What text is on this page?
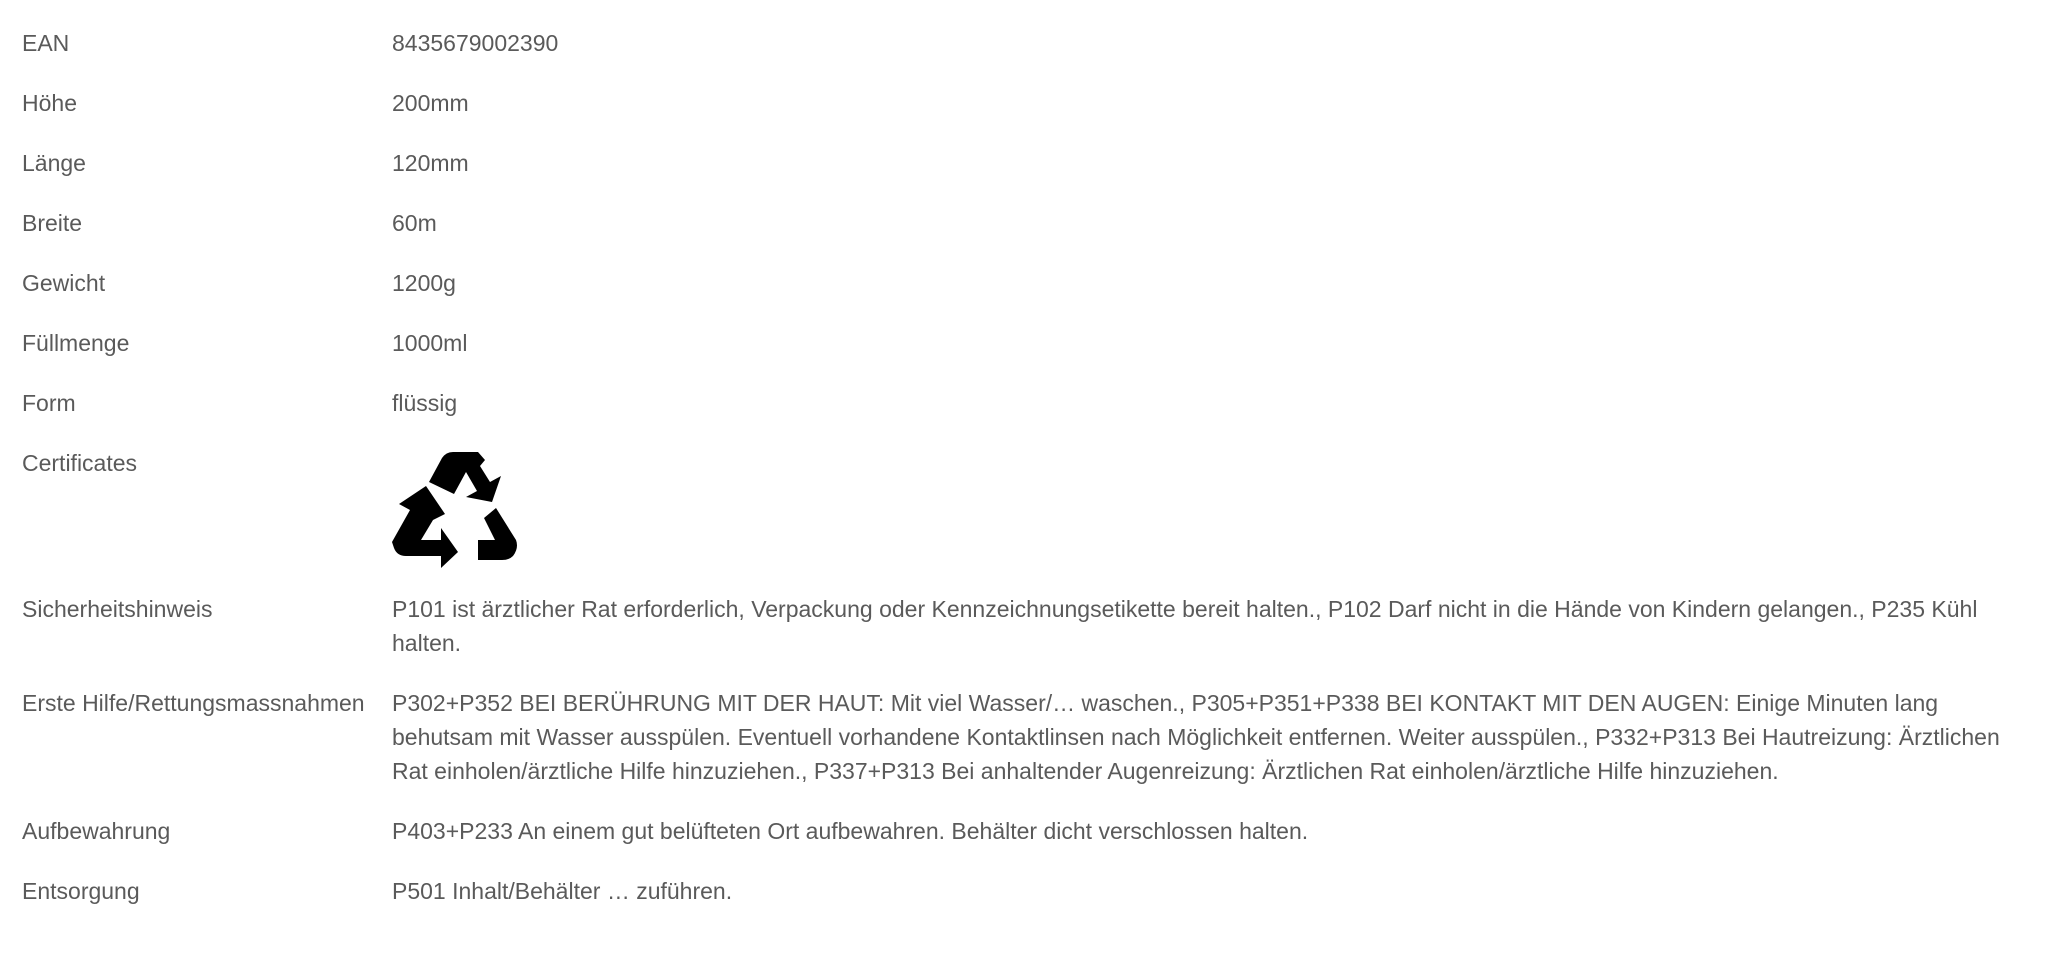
EAN	8435679002390
Höhe	200mm
Länge	120mm
Breite	60m
Gewicht	1200g
Füllmenge	1000ml
Form	flüssig
Certificates
Sicherheitshinweis	P101 ist ärztlicher Rat erforderlich, Verpackung oder Kennzeichnungsetikette bereit halten., P102 Darf nicht in die Hände von Kindern gelangen., P235 Kühl halten.
Erste Hilfe/Rettungsmassnahmen	P302+P352 BEI BERÜHRUNG MIT DER HAUT: Mit viel Wasser/… waschen., P305+P351+P338 BEI KONTAKT MIT DEN AUGEN: Einige Minuten lang behutsam mit Wasser ausspülen. Eventuell vorhandene Kontaktlinsen nach Möglichkeit entfernen. Weiter ausspülen., P332+P313 Bei Hautreizung: Ärztlichen Rat einholen/ärztliche Hilfe hinzuziehen., P337+P313 Bei anhaltender Augenreizung: Ärztlichen Rat einholen/ärztliche Hilfe hinzuziehen.
Aufbewahrung	P403+P233 An einem gut belüfteten Ort aufbewahren. Behälter dicht verschlossen halten.
Entsorgung	P501 Inhalt/Behälter … zuführen.
